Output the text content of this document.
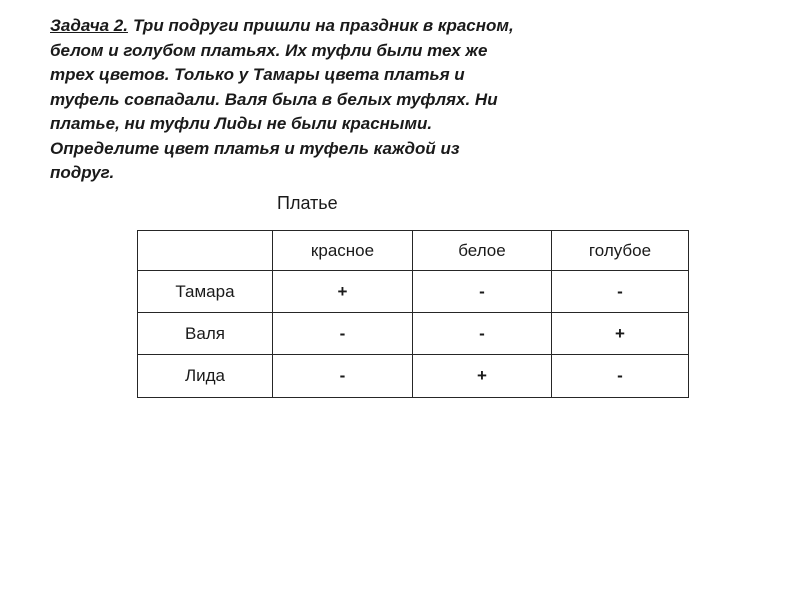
Задача 2. Три подруги пришли на праздник в красном,
белом и голубом платьях. Их туфли были тех же
трех цветов. Только у Тамары цвета платья и
туфель совпадали. Валя была в белых туфлях. Ни
платье, ни туфли Лиды не были красными.
Определите цвет платья и туфель каждой из
подруг.
Платье
	красное	белое	голубое
Тамара	+	-	-
Валя	-	-	+
Лида	-	+	-
